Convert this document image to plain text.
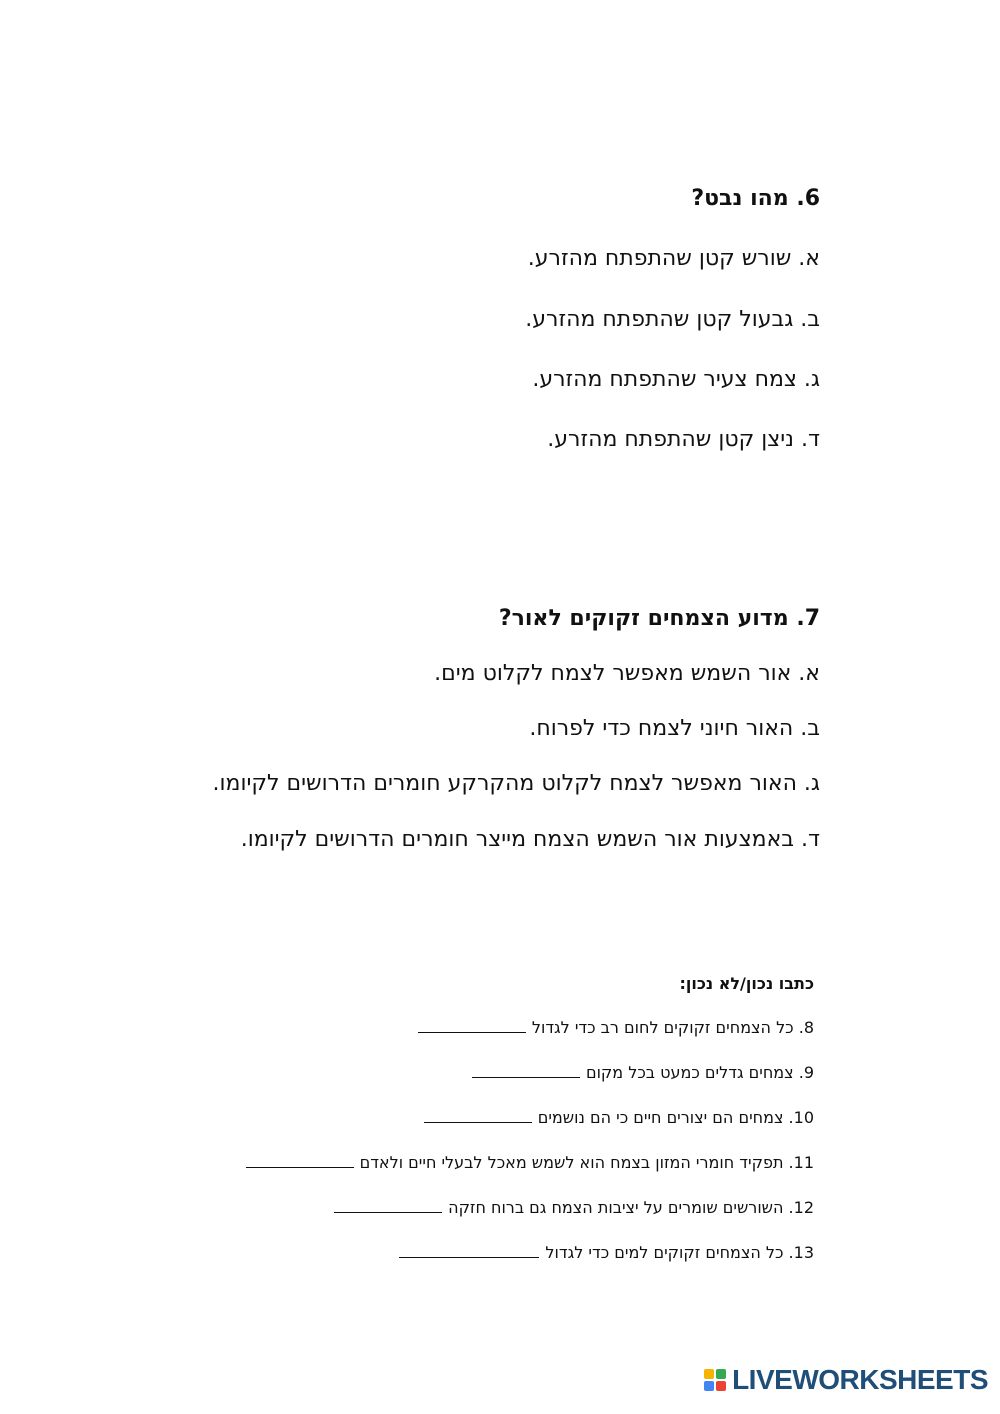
6. מהו נבט?
א. שורש קטן שהתפתח מהזרע.
ב. גבעול קטן שהתפתח מהזרע.
ג. צמח צעיר שהתפתח מהזרע.
ד. ניצן קטן שהתפתח מהזרע.
7. מדוע הצמחים זקוקים לאור?
א. אור השמש מאפשר לצמח לקלוט מים.
ב. האור חיוני לצמח כדי לפרוח.
ג. האור מאפשר לצמח לקלוט מהקרקע חומרים הדרושים לקיומו.
ד. באמצעות אור השמש הצמח מייצר חומרים הדרושים לקיומו.
כתבו נכון/לא נכון:
8. כל הצמחים זקוקים לחום רב כדי לגדול
9. צמחים גדלים כמעט בכל מקום
10. צמחים הם יצורים חיים כי הם נושמים
11. תפקיד חומרי המזון בצמח הוא לשמש מאכל לבעלי חיים ולאדם
12. השורשים שומרים על יציבות הצמח גם ברוח חזקה
13. כל הצמחים זקוקים למים כדי לגדול
LIVEWORKSHEETS
